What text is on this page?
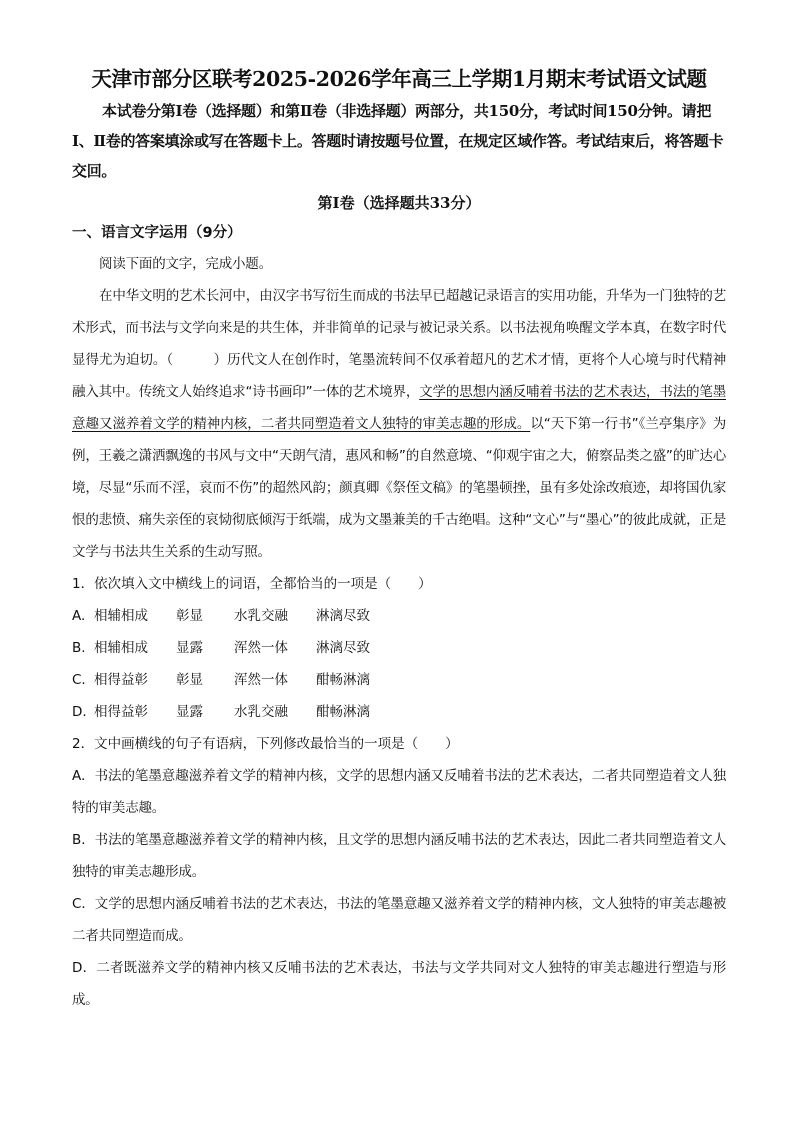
天津市部分区联考2025-2026学年高三上学期1月期末考试语文试题

本试卷分第Ⅰ卷（选择题）和第Ⅱ卷（非选择题）两部分，共150分，考试时间150分钟。请把Ⅰ、Ⅱ卷的答案填涂或写在答题卡上。答题时请按题号位置，在规定区域作答。考试结束后，将答题卡交回。

第Ⅰ卷（选择题共33分）
一、语言文字运用（9分）

阅读下面的文字，完成小题。

在中华文明的艺术长河中，由汉字书写衍生而成的书法早已超越记录语言的实用功能，升华为一门独特的艺术形式，而书法与文学向来是的共生体，并非简单的记录与被记录关系。以书法视角唤醒文学本真，在数字时代显得尤为迫切。（　　　）历代文人在创作时，笔墨流转间不仅承着超凡的艺术才情，更将个人心境与时代精神融入其中。传统文人始终追求“诗书画印”一体的艺术境界，文学的思想内涵反哺着书法的艺术表达，书法的笔墨意趣又滋养着文学的精神内核，二者共同塑造着文人独特的审美志趣的形成。以“天下第一行书”《兰亭集序》为例，王羲之潇洒飘逸的书风与文中“天朗气清，惠风和畅”的自然意境、“仰观宇宙之大，俯察品类之盛”的旷达心境，尽显“乐而不淫，哀而不伤”的超然风韵；颜真卿《祭侄文稿》的笔墨顿挫，虽有多处涂改痕迹，却将国仇家恨的悲愤、痛失亲侄的哀恸彻底倾泻于纸端，成为文墨兼美的千古绝唱。这种“文心”与“墨心”的彼此成就，正是文学与书法共生关系的生动写照。

1．依次填入文中横线上的词语，全都恰当的一项是（　　）

A. 相辅相成	彰显	水乳交融	淋漓尽致
B. 相辅相成	显露	浑然一体	淋漓尽致
C. 相得益彰	彰显	浑然一体	酣畅淋漓
D. 相得益彰	显露	水乳交融	酣畅淋漓

2．文中画横线的句子有语病，下列修改最恰当的一项是（　　）

A．书法的笔墨意趣滋养着文学的精神内核，文学的思想内涵又反哺着书法的艺术表达，二者共同塑造着文人独特的审美志趣。

B．书法的笔墨意趣滋养着文学的精神内核，且文学的思想内涵反哺书法的艺术表达，因此二者共同塑造着文人独特的审美志趣形成。

C．文学的思想内涵反哺着书法的艺术表达，书法的笔墨意趣又滋养着文学的精神内核，文人独特的审美志趣被二者共同塑造而成。

D．二者既滋养文学的精神内核又反哺书法的艺术表达，书法与文学共同对文人独特的审美志趣进行塑造与形成。
